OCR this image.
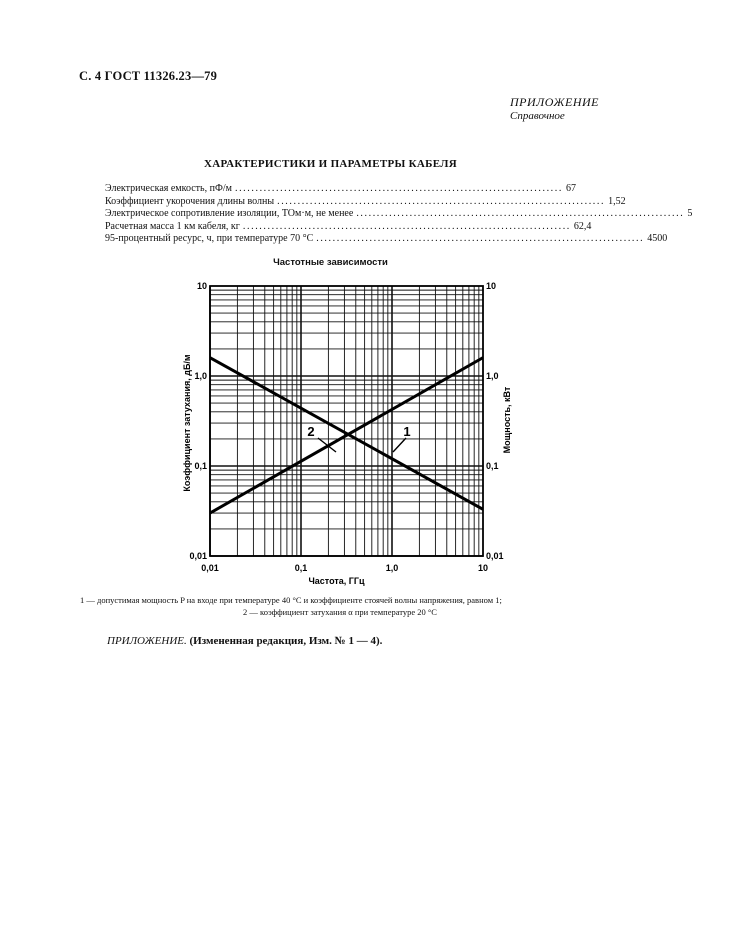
С. 4 ГОСТ 11326.23—79
ПРИЛОЖЕНИЕ
Справочное
ХАРАКТЕРИСТИКИ И ПАРАМЕТРЫ КАБЕЛЯ
Электрическая емкость, пФ/м ................................................................................ 67
Коэффициент укорочения длины волны ................................................................................ 1,52
Электрическое сопротивление изоляции, ТОм·м, не менее ................................................................................ 5
Расчетная масса 1 км кабеля, кг ................................................................................ 62,4
95-процентный ресурс, ч, при температуре 70 °С ................................................................................ 4500
Частотные зависимости
2	1
0,01	0,1	1,0	10
0,01
0,1
1,0
10
0,01
0,1
1,0
10
Частота, ГГц
Коэффициент затухания, дБ/м	Мощность, кВт
1 — допустимая мощность P на входе при температуре 40 °С и коэффициенте стоячей волны напряжения, равном 1;
2 — коэффициент затухания α при температуре 20 °С
ПРИЛОЖЕНИЕ. (Измененная редакция, Изм. № 1 — 4).
